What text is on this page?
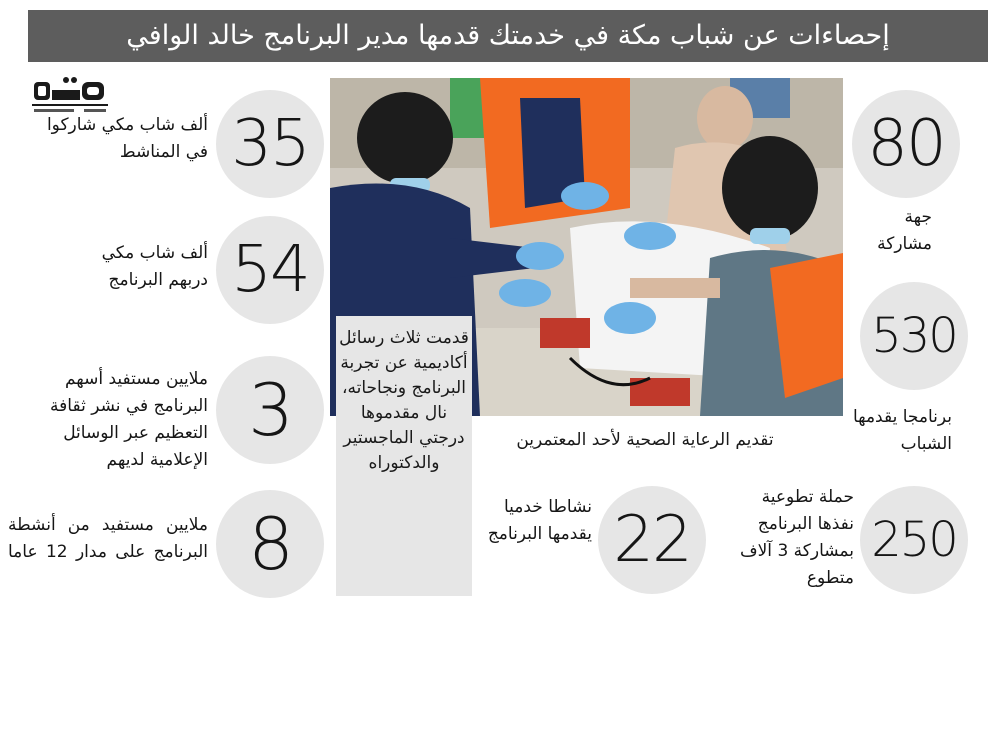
إحصاءات عن شباب مكة في خدمتك قدمها مدير البرنامج خالد الوافي
35
ألف شاب مكي شاركوا في المناشط
54
ألف شاب مكي دربهم البرنامج
3
ملايين مستفيد أسهم البرنامج في نشر ثقافة التعظيم عبر الوسائل الإعلامية لديهم
8
ملايين مستفيد من أنشطة البرنامج على مدار 12 عاما
تقديم الرعاية الصحية لأحد المعتمرين
قدمت ثلاث رسائل أكاديمية عن تجربة البرنامج ونجاحاته، نال مقدموها درجتي الماجستير والدكتوراه
22
نشاطا خدميا يقدمها البرنامج
80
جهة مشاركة
530
برنامجا يقدمها الشباب
250
حملة تطوعية نفذها البرنامج بمشاركة 3 آلاف متطوع
